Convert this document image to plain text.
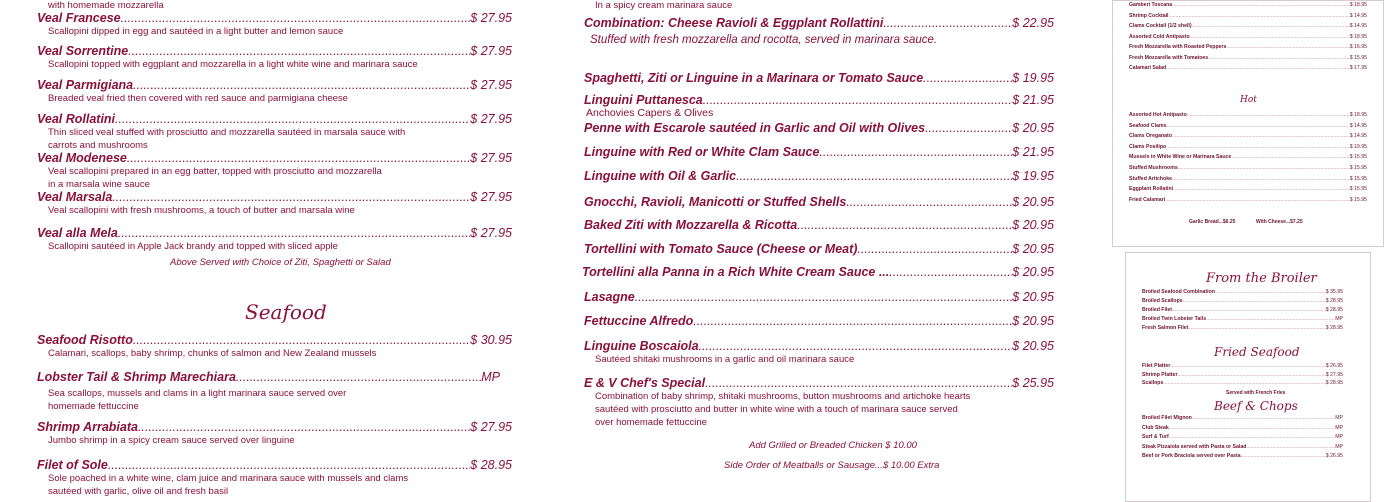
with homemade mozzarella
Veal Francese .....	$ 27.95
Scallopini dipped in egg and sautéed in a light butter and lemon sauce
Veal Sorrentine .....	$ 27.95
Scallopini topped with eggplant and mozzarella in a light white wine and marinara sauce
Veal Parmigiana .....	$ 27.95
Breaded veal fried then covered with red sauce and parmigiana cheese
Veal Rollatini .....	$ 27.95
Thin sliced veal stuffed with prosciutto and mozzarella sautéed in marsala sauce with
carrots and mushrooms
Veal Modenese .....	$ 27.95
Veal scallopini prepared in an egg batter, topped with prosciutto and mozzarella
in a marsala wine sauce
Veal Marsala .....	$ 27.95
Veal scallopini with fresh mushrooms, a touch of butter and marsala wine
Veal alla Mela .....	$ 27.95
Scallopini sautéed in Apple Jack brandy and topped with sliced apple
Above Served with Choice of Ziti, Spaghetti or Salad
Seafood
Seafood Risotto .....	$ 30.95
Calamari, scallops, baby shrimp, chunks of salmon and New Zealand mussels
Lobster Tail & Shrimp Marechiara .....	MP
Sea scallops, mussels and clams in a light marinara sauce served over
homemade fettuccine
Shrimp Arrabiata .....	$ 27.95
Jumbo shrimp in a spicy cream sauce served over linguine
Filet of Sole .....	$ 28.95
Sole poached in a white wine, clam juice and marinara sauce with mussels and clams
sautéed with garlic, olive oil and fresh basil
In a spicy cream marinara sauce
Combination: Cheese Ravioli & Eggplant Rollattini .....	$ 22.95
Stuffed with fresh mozzarella and rocotta, served in marinara sauce.
Spaghetti, Ziti or Linguine in a Marinara or Tomato Sauce .....	$ 19.95
Linguini Puttanesca .....	$ 21.95
Anchovies Capers & Olives
Penne with Escarole sautéed in Garlic and Oil with Olives .....	$ 20.95
Linguine with Red or White Clam Sauce .....	$ 21.95
Linguine with Oil & Garlic .....	$ 19.95
Gnocchi, Ravioli, Manicotti or Stuffed Shells .....	$ 20.95
Baked Ziti with Mozzarella & Ricotta .....	$ 20.95
Tortellini with Tomato Sauce (Cheese or Meat) .....	$ 20.95
Tortellini alla Panna in a Rich White Cream Sauce ... .....	$ 20.95
Lasagne .....	$ 20.95
Fettuccine Alfredo .....	$ 20.95
Linguine Boscaiola .....	$ 20.95
Sautéed shitaki mushrooms in a garlic and oil marinara sauce
E & V Chef's Special .....	$ 25.95
Combination of baby shrimp, shitaki mushrooms, button mushrooms and artichoke hearts
sautéed with prosciutto and butter in white wine with a touch of marinara sauce served
over homemade fettuccine
Add Grilled or Breaded Chicken $ 10.00
Side Order of Meatballs or Sausage...$ 10.00 Extra
Gamberi Toscana .....	$ 18.95
Shrimp Cocktail .....	$ 14.95
Clams Cocktail (1/2 shell) .....	$ 14.95
Assorted Cold Antipasto .....	$ 18.95
Fresh Mozzarella with Roasted Peppers .....	$ 16.95
Fresh Mozzarella with Tomatoes .....	$ 15.95
Calamari Salad .....	$ 17.95
Hot
Assorted Hot Antipasto .....	$ 18.95
Seafood Clams .....	$ 14.95
Clams Oreganato .....	$ 14.95
Clams Posilipo .....	$ 19.95
Mussels in White Wine or Marinara Sauce .....	$ 15.95
Stuffed Mushrooms .....	$ 15.95
Stuffed Artichoke .....	$ 15.95
Eggplant Rollatini .....	$ 15.95
Fried Calamari .....	$ 15.95
Garlic Bread...$6.25	With Cheese...$7.25
From the Broiler
Broiled Seafood Combination .....	$ 35.95
Broiled Scallops .....	$ 28.95
Broiled Filet .....	$ 28.95
Broiled Twin Lobster Tails .....	MP
Fresh Salmon Filet .....	$ 28.95
Fried Seafood
Filet Platter .....	$ 26.95
Shrimp Platter .....	$ 27.95
Scallops .....	$ 28.95
Served with French Fries
Beef & Chops
Broiled Filet Mignon .....	MP
Club Steak .....	MP
Surf & Turf .....	MP
Steak Pizzaiola served with Pasta or Salad .....	MP
Beef or Pork Braciola served over Pasta .....	$ 26.95
